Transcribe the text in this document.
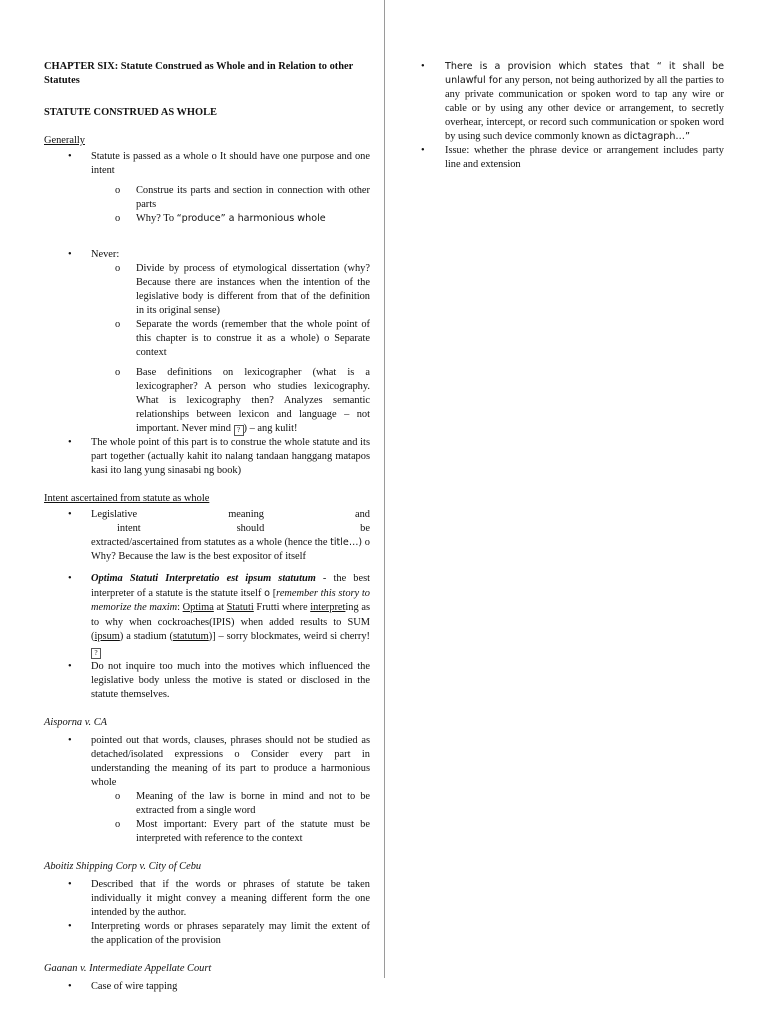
CHAPTER SIX: Statute Construed as Whole and in Relation to other Statutes
STATUTE CONSTRUED AS WHOLE
Generally
• Statute is passed as a whole o It should have one purpose and one intent
o Construe its parts and section in connection with other parts
o Why? To “produce” a harmonious whole
• Never:
o Divide by process of etymological dissertation (why? Because there are instances when the intention of the legislative body is different from that of the definition in its original sense)
o Separate the words (remember that the whole point of this chapter is to construe it as a whole) o Separate context
o Base definitions on lexicographer (what is a lexicographer? A person who studies lexicography. What is lexicography then? Analyzes semantic relationships between lexicon and language – not important. Never mind ? ) – ang kulit!
• The whole point of this part is to construe the whole statute and its part together (actually kahit ito nalang tandaan hanggang matapos kasi ito lang yung sinasabi ng book)
Intent ascertained from statute as whole
• Legislative	meaning	and
intent	should	be
extracted/ascertained from statutes as a whole (hence the title…) o Why? Because the law is the best expositor of itself
• Optima Statuti Interpretatio est ipsum statutum - the best interpreter of a statute is the statute itself o [remember this story to memorize the maxim: Optima at Statuti Frutti where interpreting as to why when cockroaches(IPIS) when added results to SUM (ipsum) a stadium (statutum)] – sorry blockmates, weird si cherry! ?
• Do not inquire too much into the motives which influenced the legislative body unless the motive is stated or disclosed in the statute themselves.
Aisporna v. CA
• pointed out that words, clauses, phrases should not be studied as detached/isolated expressions o Consider every part in understanding the meaning of its part to produce a harmonious whole
o Meaning of the law is borne in mind and not to be extracted from a single word
o Most important: Every part of the statute must be interpreted with reference to the context
Aboitiz Shipping Corp v. City of Cebu
• Described that if the words or phrases of statute be taken individually it might convey a meaning different form the one intended by the author.
• Interpreting words or phrases separately may limit the extent of the application of the provision
Gaanan v. Intermediate Appellate Court
• Case of wire tapping
• There is a provision which states that “ it shall be unlawful for any person, not being authorized by all the parties to any private communication or spoken word to tap any wire or cable or by using any other device or arrangement, to secretly overhear, intercept, or record such communication or spoken word by using such device commonly known as dictagraph…”
• Issue: whether the phrase device or arrangement includes party line and extension
